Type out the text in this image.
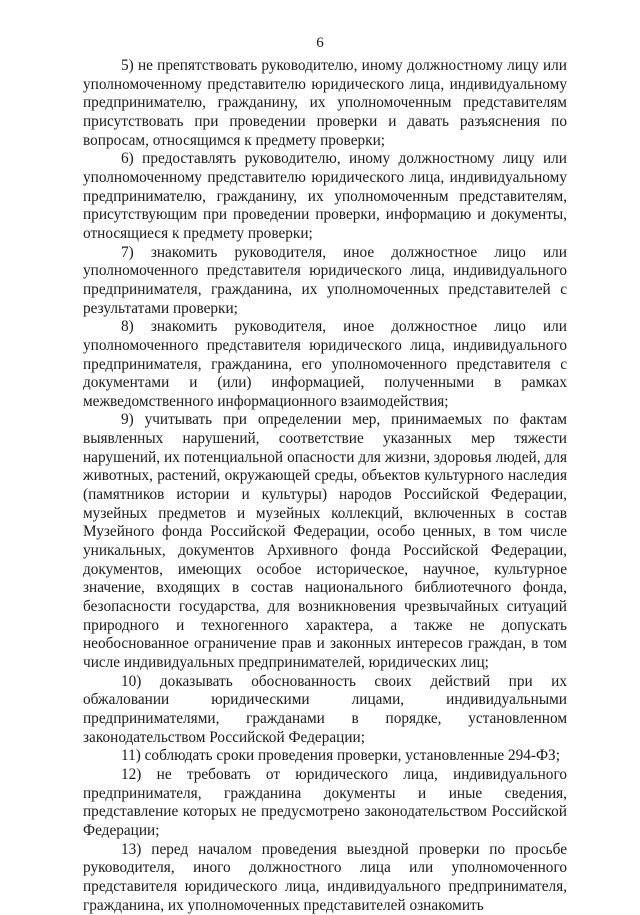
6

5) не препятствовать руководителю, иному должностному лицу или уполномоченному представителю юридического лица, индивидуальному предпринимателю, гражданину, их уполномоченным представителям присутствовать при проведении проверки и давать разъяснения по вопросам, относящимся к предмету проверки;

6) предоставлять руководителю, иному должностному лицу или уполномоченному представителю юридического лица, индивидуальному предпринимателю, гражданину, их уполномоченным представителям, присутствующим при проведении проверки, информацию и документы, относящиеся к предмету проверки;

7) знакомить руководителя, иное должностное лицо или уполномоченного представителя юридического лица, индивидуального предпринимателя, гражданина, их уполномоченных представителей с результатами проверки;

8) знакомить руководителя, иное должностное лицо или уполномоченного представителя юридического лица, индивидуального предпринимателя, гражданина, его уполномоченного представителя с документами и (или) информацией, полученными в рамках межведомственного информационного взаимодействия;

9) учитывать при определении мер, принимаемых по фактам выявленных нарушений, соответствие указанных мер тяжести нарушений, их потенциальной опасности для жизни, здоровья людей, для животных, растений, окружающей среды, объектов культурного наследия (памятников истории и культуры) народов Российской Федерации, музейных предметов и музейных коллекций, включенных в состав Музейного фонда Российской Федерации, особо ценных, в том числе уникальных, документов Архивного фонда Российской Федерации, документов, имеющих особое историческое, научное, культурное значение, входящих в состав национального библиотечного фонда, безопасности государства, для возникновения чрезвычайных ситуаций природного и техногенного характера, а также не допускать необоснованное ограничение прав и законных интересов граждан, в том числе индивидуальных предпринимателей, юридических лиц;

10) доказывать обоснованность своих действий при их обжаловании юридическими лицами, индивидуальными предпринимателями, гражданами в порядке, установленном законодательством Российской Федерации;

11) соблюдать сроки проведения проверки, установленные 294-ФЗ;

12) не требовать от юридического лица, индивидуального предпринимателя, гражданина документы и иные сведения, представление которых не предусмотрено законодательством Российской Федерации;

13) перед началом проведения выездной проверки по просьбе руководителя, иного должностного лица или уполномоченного представителя юридического лица, индивидуального предпринимателя, гражданина, их уполномоченных представителей ознакомить
